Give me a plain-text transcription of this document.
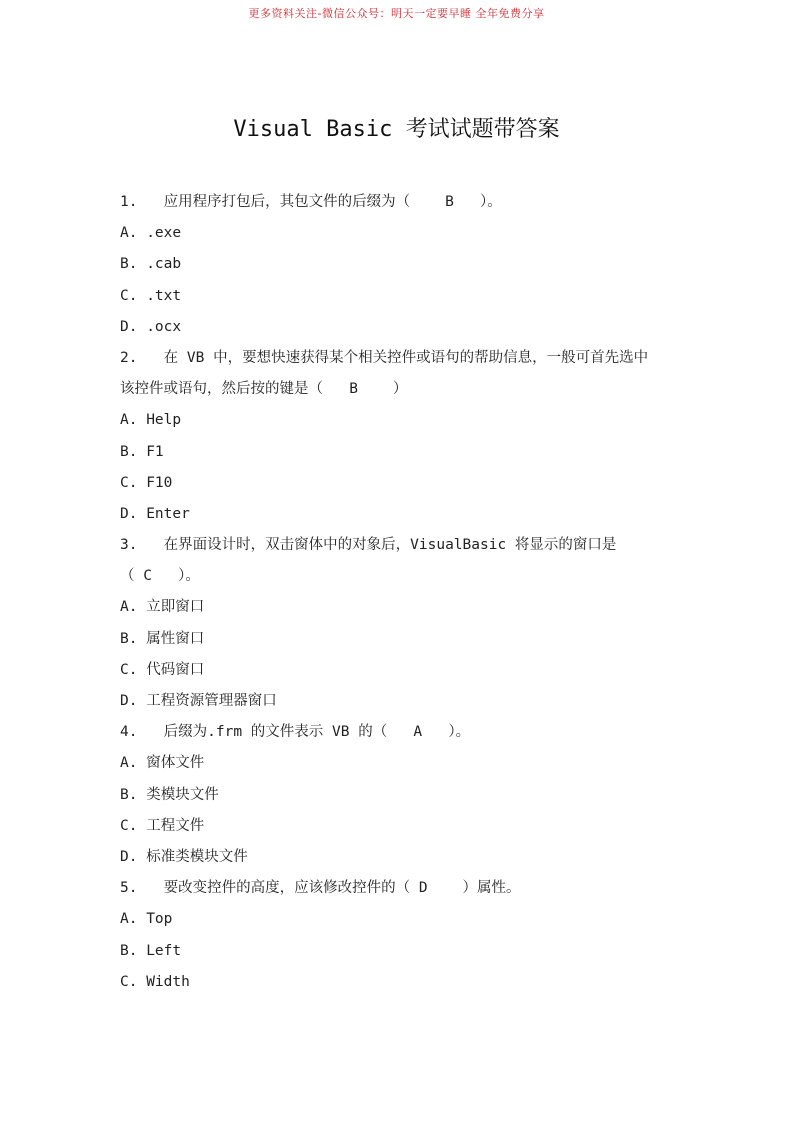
更多资料关注-微信公众号：明天一定要早睡 全年免费分享
Visual Basic 考试试题带答案
1.   应用程序打包后，其包文件的后缀为（    B   ）。
A. .exe
B. .cab
C. .txt
D. .ocx
2.   在 VB 中，要想快速获得某个相关控件或语句的帮助信息，一般可首先选中
该控件或语句，然后按的键是（   B    ）
A. Help
B. F1
C. F10
D. Enter
3.   在界面设计时，双击窗体中的对象后，VisualBasic 将显示的窗口是
（ C   ）。
A. 立即窗口
B. 属性窗口
C. 代码窗口
D. 工程资源管理器窗口
4.   后缀为.frm 的文件表示 VB 的（   A   ）。
A. 窗体文件
B. 类模块文件
C. 工程文件
D. 标准类模块文件
5.   要改变控件的高度，应该修改控件的（ D    ）属性。
A. Top
B. Left
C. Width
